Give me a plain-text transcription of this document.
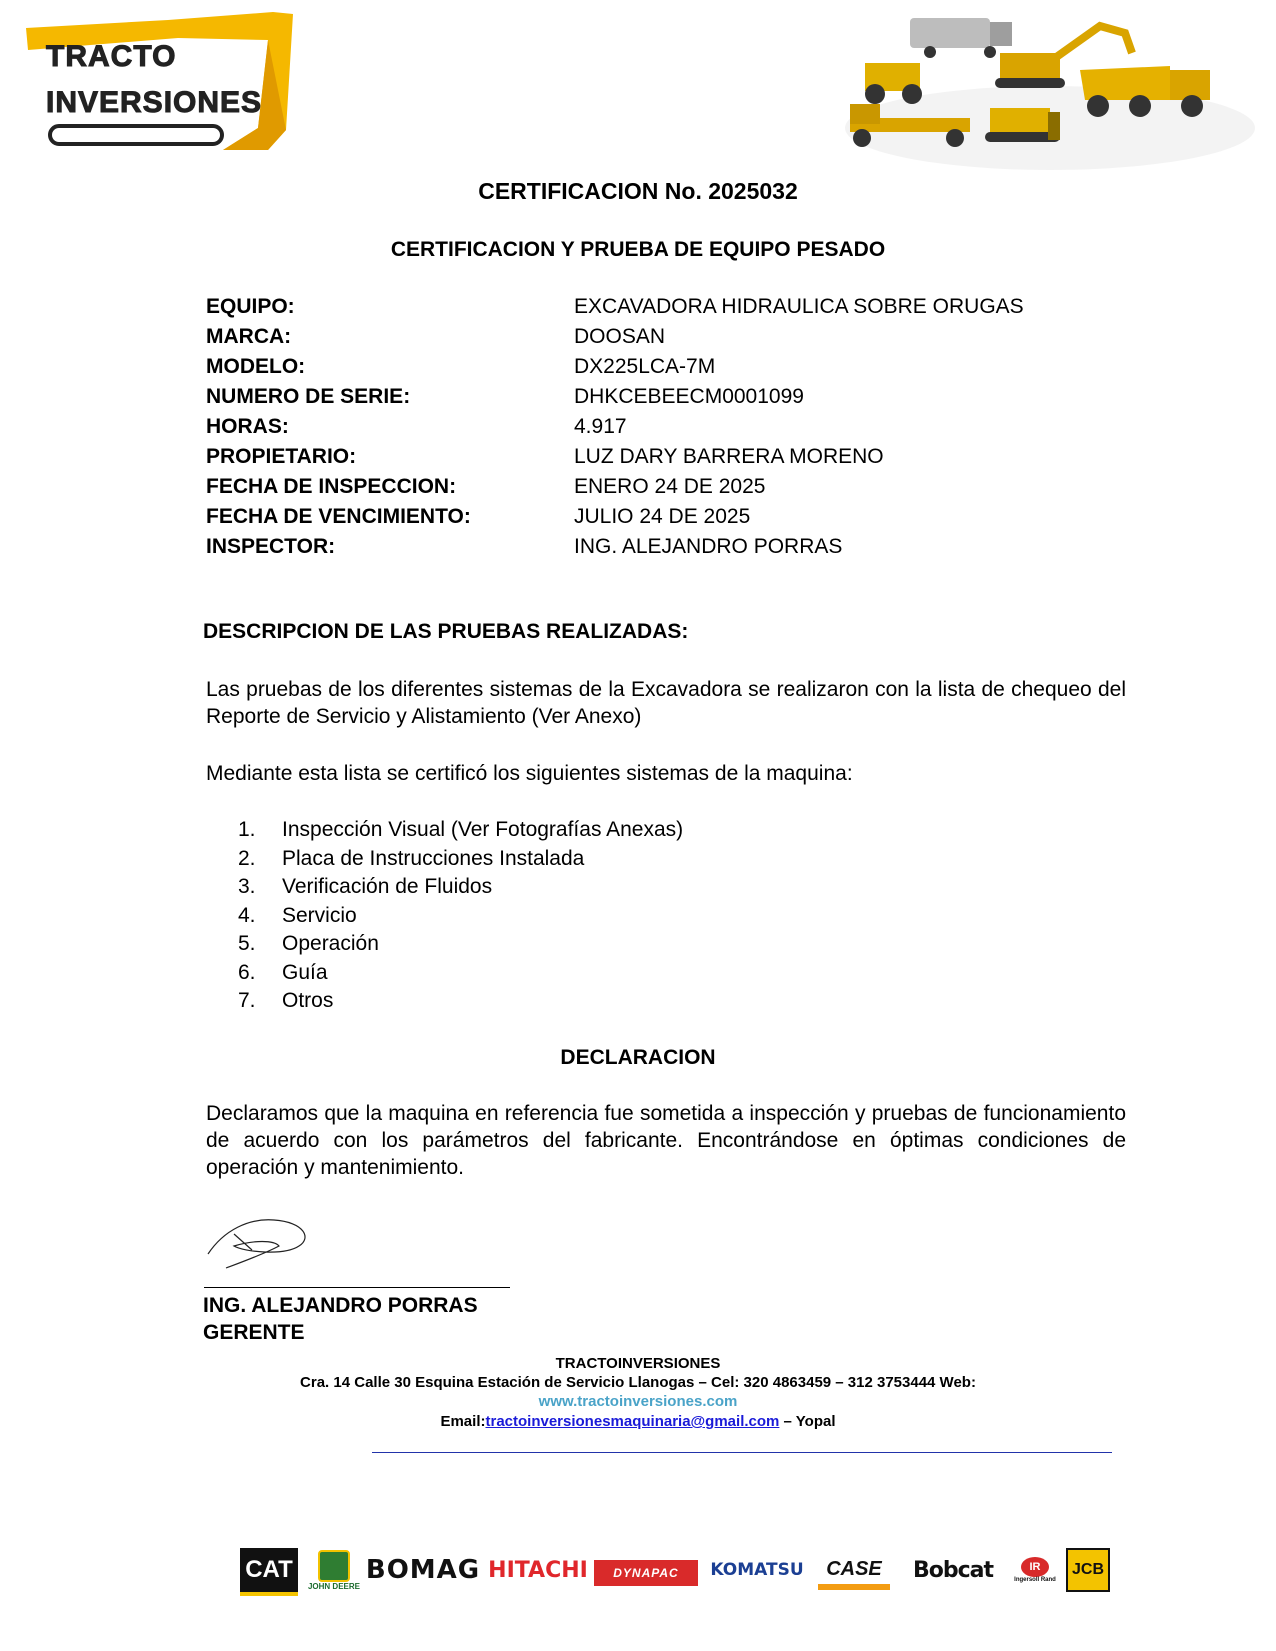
TRACTO
INVERSIONES
CERTIFICACION No. 2025032
CERTIFICACION Y PRUEBA DE EQUIPO PESADO
EQUIPO:	EXCAVADORA HIDRAULICA SOBRE ORUGAS
MARCA:	DOOSAN
MODELO:	DX225LCA-7M
NUMERO DE SERIE:	DHKCEBEECM0001099
HORAS:	4.917
PROPIETARIO:	LUZ DARY BARRERA MORENO
FECHA DE INSPECCION:	ENERO 24 DE 2025
FECHA DE VENCIMIENTO:	JULIO 24 DE 2025
INSPECTOR:	ING. ALEJANDRO PORRAS
DESCRIPCION DE LAS PRUEBAS REALIZADAS:
Las pruebas de los diferentes sistemas de la Excavadora se realizaron con la lista de chequeo del Reporte de Servicio y Alistamiento (Ver Anexo)
Mediante esta lista se certificó los siguientes sistemas de la maquina:
1.	Inspección Visual (Ver Fotografías Anexas)
2.	Placa de Instrucciones Instalada
3.	Verificación de Fluidos
4.	Servicio
5.	Operación
6.	Guía
7.	Otros
DECLARACION
Declaramos que la maquina en referencia fue sometida a inspección y pruebas de funcionamiento de acuerdo con los parámetros del fabricante. Encontrándose en óptimas condiciones de operación y mantenimiento.
ING. ALEJANDRO PORRAS
GERENTE
TRACTOINVERSIONES
Cra. 14 Calle 30 Esquina Estación de Servicio Llanogas – Cel: 320 4863459 – 312 3753444 Web:
www.tractoinversiones.com
Email:tractoinversionesmaquinaria@gmail.com – Yopal
CAT
JOHN DEERE
BOMAG HITACHI	DYNAPAC	KOMATSU	CASE	Bobcat	IR
Ingersoll Rand
JCB
